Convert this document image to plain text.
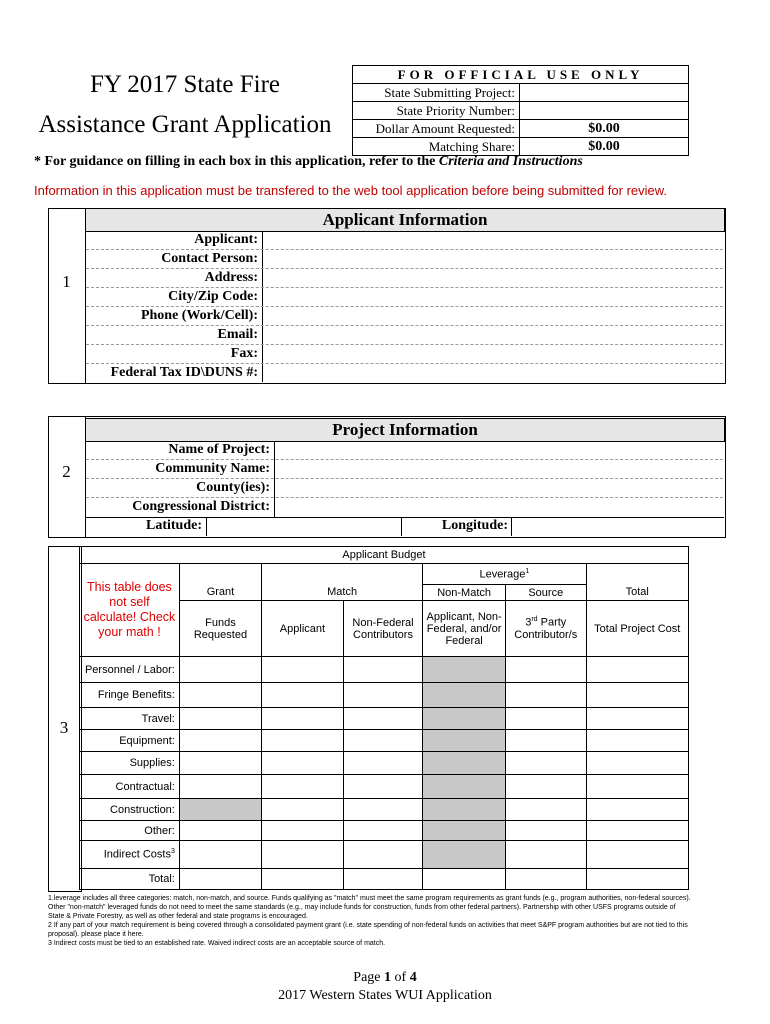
FY 2017 State Fire
Assistance Grant Application
FOR OFFICIAL USE ONLY	
State Submitting Project:	
State Priority Number:	
Dollar Amount Requested:	$0.00
Matching Share:	$0.00
* For guidance on filling in each box in this application, refer to the Criteria and Instructions
Information in this application must be transfered to the web tool application before being submitted for review.
1
Applicant Information
Applicant:
Contact Person:
Address:
City/Zip Code:
Phone (Work/Cell):
Email:
Fax:
Federal Tax ID\DUNS #:
2
Project Information
Name of Project:
Community Name:
County(ies):
Congressional District:
Latitude:	Longitude:
3
Applicant Budget						

This table does not self calculate! Check your math !				Leverage$^1$	
	Grant	Match		Non-Match	Source	Total
	Funds Requested	Applicant	Non-Federal Contributors	Applicant, Non-Federal, and/or Federal	3rd Party Contributor/s	Total Project Cost
Personnel / Labor:						
Fringe Benefits:						
Travel:						
Equipment:						
Supplies:						
Contractual:						
Construction:						
Other:						
Indirect Costs$^3$						
Total:						
1.leverage includes all three categories: match, non-match, and source. Funds qualifying as "match" must meet the same program requirements as grant funds (e.g., program authorities, non-federal sources). Other "non-match" leveraged funds do not need to meet the same standards (e.g., may include funds for construction, funds from other federal partners). Partnership with other USFS programs outside of State & Private Forestry, as well as other federal and state programs is encouraged.
2 If any part of your match requirement is being covered through a consolidated payment grant (i.e. state spending of non-federal funds on activities that meet S&PF program authorities but are not tied to this proposal). please place it here.
3 Indirect costs must be tied to an established rate. Waived indirect costs are an acceptable source of match.
Page 1 of 4
2017 Western States WUI Application
